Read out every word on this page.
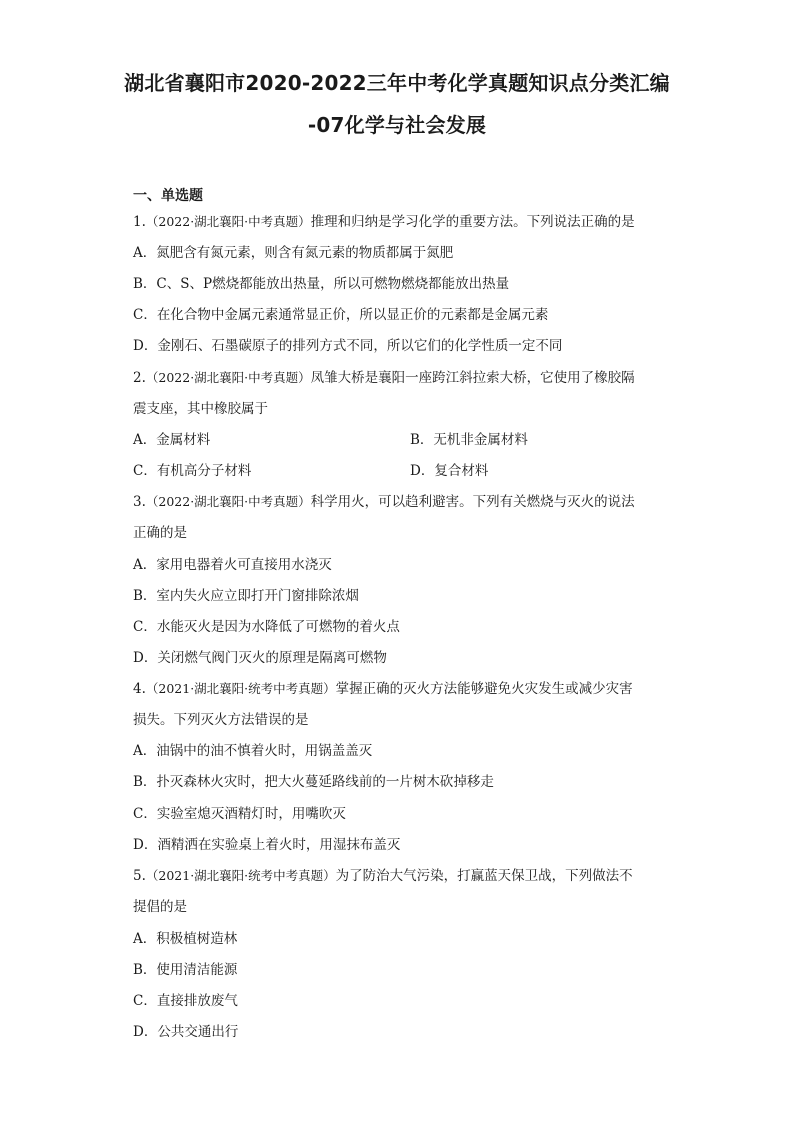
湖北省襄阳市2020-2022三年中考化学真题知识点分类汇编
-07化学与社会发展
一、单选题
1.（2022·湖北襄阳·中考真题）推理和归纳是学习化学的重要方法。下列说法正确的是
A．氮肥含有氮元素，则含有氮元素的物质都属于氮肥
B．C、S、P燃烧都能放出热量，所以可燃物燃烧都能放出热量
C．在化合物中金属元素通常显正价，所以显正价的元素都是金属元素
D．金刚石、石墨碳原子的排列方式不同，所以它们的化学性质一定不同
2.（2022·湖北襄阳·中考真题）凤雏大桥是襄阳一座跨江斜拉索大桥，它使用了橡胶隔
震支座，其中橡胶属于
A．金属材料	B．无机非金属材料
C．有机高分子材料	D．复合材料
3.（2022·湖北襄阳·中考真题）科学用火，可以趋利避害。下列有关燃烧与灭火的说法
正确的是
A．家用电器着火可直接用水浇灭
B．室内失火应立即打开门窗排除浓烟
C．水能灭火是因为水降低了可燃物的着火点
D．关闭燃气阀门灭火的原理是隔离可燃物
4.（2021·湖北襄阳·统考中考真题）掌握正确的灭火方法能够避免火灾发生或减少灾害
损失。下列灭火方法错误的是
A．油锅中的油不慎着火时，用锅盖盖灭
B．扑灭森林火灾时，把大火蔓延路线前的一片树木砍掉移走
C．实验室熄灭酒精灯时，用嘴吹灭
D．酒精洒在实验桌上着火时，用湿抹布盖灭
5.（2021·湖北襄阳·统考中考真题）为了防治大气污染，打赢蓝天保卫战，下列做法不
提倡的是
A．积极植树造林
B．使用清洁能源
C．直接排放废气
D．公共交通出行
